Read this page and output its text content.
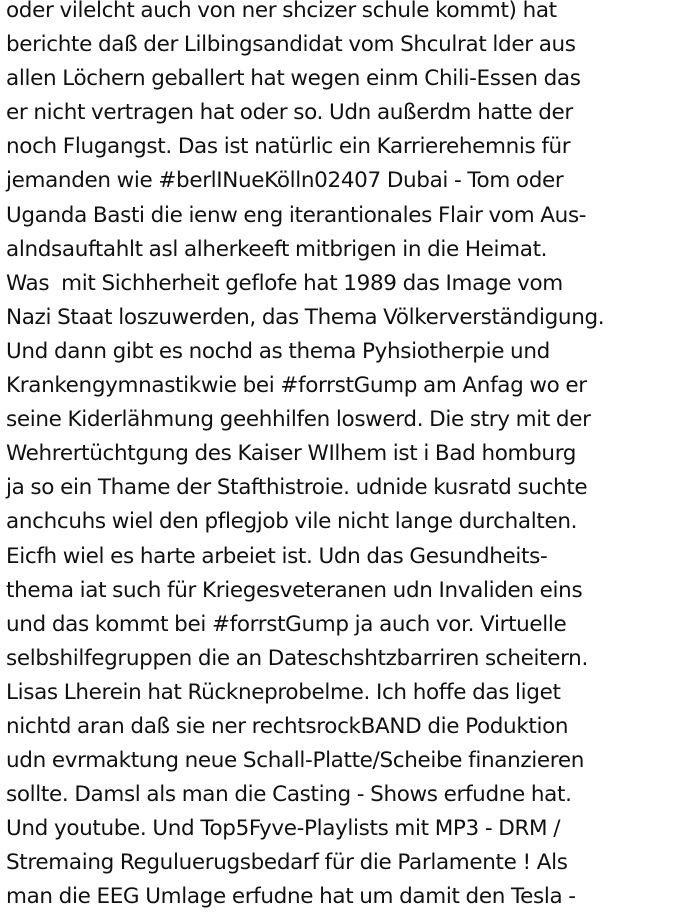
oder vilelcht auch von ner shcizer schule kommt) hat
berichte daß der Lilbingsandidat vom Shculrat lder aus
allen Löchern geballert hat wegen einm Chili-Essen das
er nicht vertragen hat oder so. Udn außerdm hatte der
noch Flugangst. Das ist natürlic ein Karrierehemnis für
jemanden wie #berlINueKölln02407 Dubai - Tom oder
Uganda Basti die ienw eng iterantionales Flair vom Aus-
alndsauftahlt asl alherkeeft mitbrigen in die Heimat.
Was  mit Sichherheit geflofe hat 1989 das Image vom
Nazi Staat loszuwerden, das Thema Völkerverständigung.
Und dann gibt es nochd as thema Pyhsiotherpie und
Krankengymnastikwie bei #forrstGump am Anfag wo er
seine Kiderlähmung geehhilfen loswerd. Die stry mit der
Wehrertüchtgung des Kaiser WIlhem ist i Bad homburg
ja so ein Thame der Stafthistroie. udnide kusratd suchte
anchcuhs wiel den pflegjob vile nicht lange durchalten.
Eicfh wiel es harte arbeiet ist. Udn das Gesundheits-
thema iat such für Kriegesveteranen udn Invaliden eins
und das kommt bei #forrstGump ja auch vor. Virtuelle
selbshilfegruppen die an Dateschshtzbarriren scheitern.
Lisas Lherein hat Rückneprobelme. Ich hoffe das liget
nichtd aran daß sie ner rechtsrockBAND die Poduktion
udn evrmaktung neue Schall-Platte/Scheibe finanzieren
sollte. Damsl als man die Casting - Shows erfudne hat.
Und youtube. Und Top5Fyve-Playlists mit MP3 - DRM /
Stremaing Reguluerugsbedarf für die Parlamente ! Als
man die EEG Umlage erfudne hat um damit den Tesla -
